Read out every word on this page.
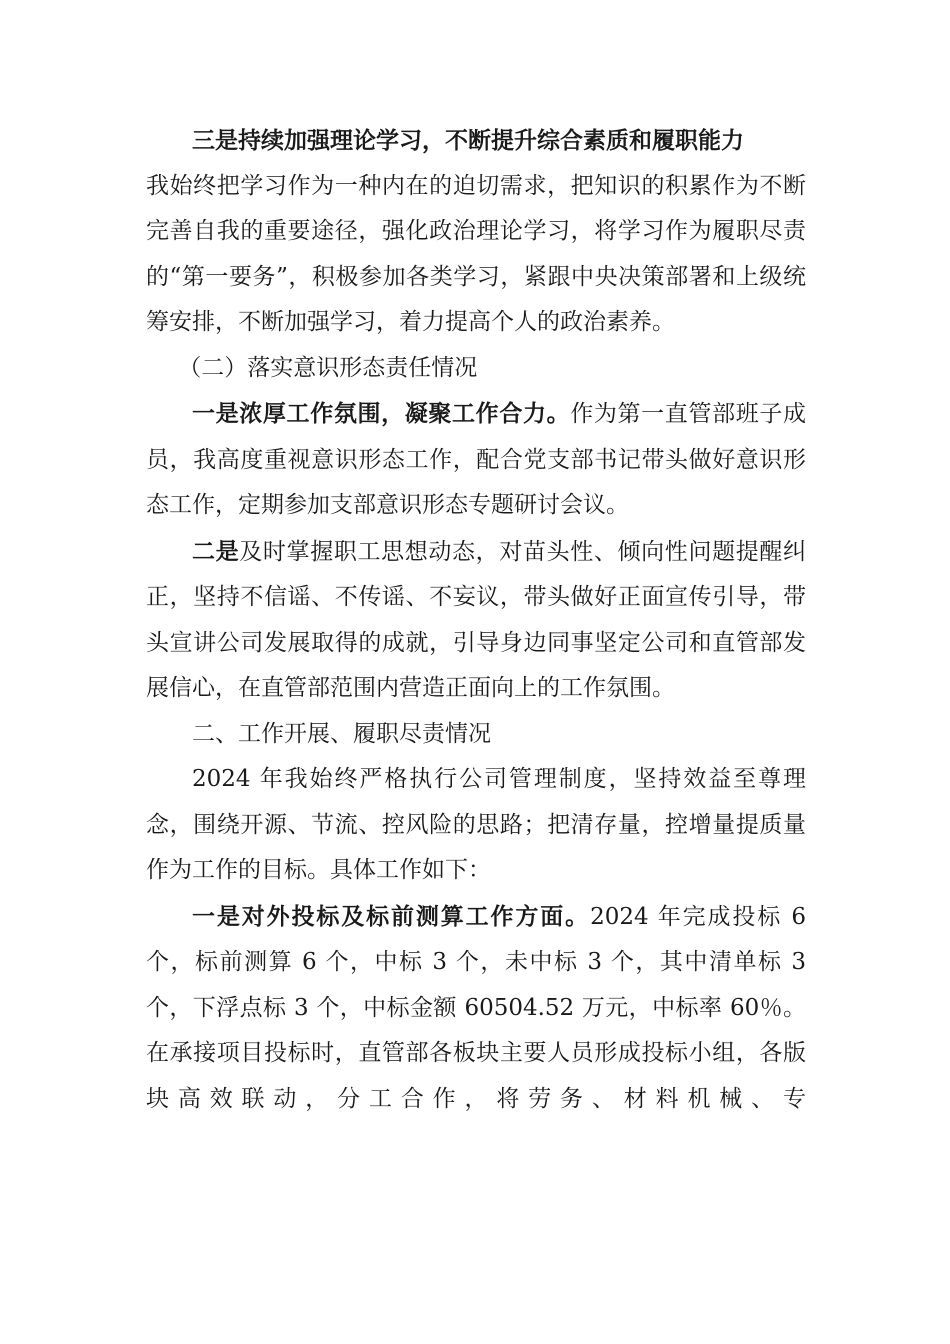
三是持续加强理论学习，不断提升综合素质和履职能力

我始终把学习作为一种内在的迫切需求，把知识的积累作为不断完善自我的重要途径，强化政治理论学习，将学习作为履职尽责的“第一要务”，积极参加各类学习，紧跟中央决策部署和上级统筹安排，不断加强学习，着力提高个人的政治素养。

（二）落实意识形态责任情况

一是浓厚工作氛围，凝聚工作合力。作为第一直管部班子成员，我高度重视意识形态工作，配合党支部书记带头做好意识形态工作，定期参加支部意识形态专题研讨会议。

二是及时掌握职工思想动态，对苗头性、倾向性问题提醒纠正，坚持不信谣、不传谣、不妄议，带头做好正面宣传引导，带头宣讲公司发展取得的成就，引导身边同事坚定公司和直管部发展信心，在直管部范围内营造正面向上的工作氛围。

二、工作开展、履职尽责情况

2024 年我始终严格执行公司管理制度，坚持效益至尊理念，围绕开源、节流、控风险的思路；把清存量，控增量提质量作为工作的目标。具体工作如下：

一是对外投标及标前测算工作方面。2024 年完成投标 6 个，标前测算 6 个，中标 3 个，未中标 3 个，其中清单标 3 个，下浮点标 3 个，中标金额 60504.52 万元，中标率 60％。在承接项目投标时，直管部各板块主要人员形成投标小组，各版块高效联动，分工合作，将劳务、材料机械、专
